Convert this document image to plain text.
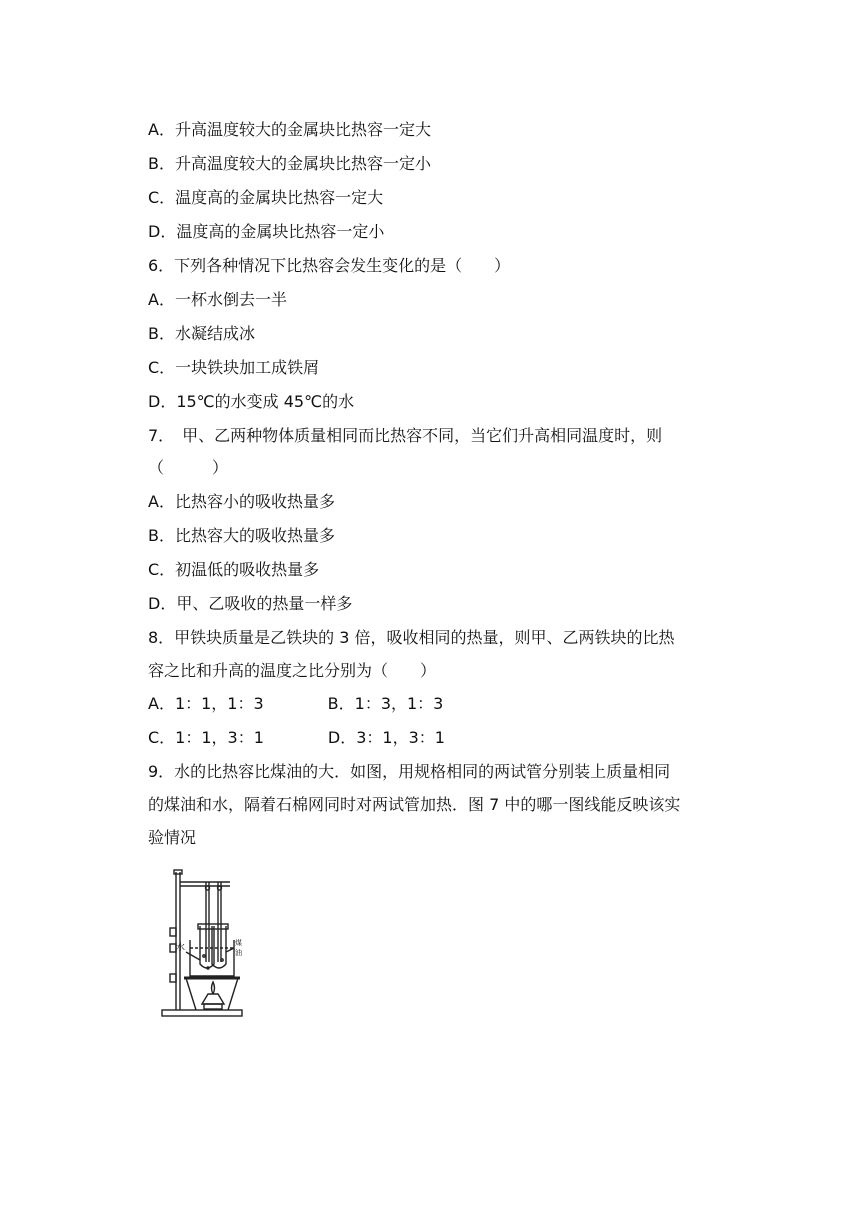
A．升高温度较大的金属块比热容一定大
B．升高温度较大的金属块比热容一定小
C．温度高的金属块比热容一定大
D．温度高的金属块比热容一定小
6．下列各种情况下比热容会发生变化的是（　　）
A．一杯水倒去一半
B．水凝结成冰
C．一块铁块加工成铁屑
D．15℃的水变成 45℃的水
7．　甲、乙两种物体质量相同而比热容不同，当它们升高相同温度时，则
（　　　）
A．比热容小的吸收热量多
B．比热容大的吸收热量多
C．初温低的吸收热量多
D．甲、乙吸收的热量一样多
8．甲铁块质量是乙铁块的 3 倍，吸收相同的热量，则甲、乙两铁块的比热
容之比和升高的温度之比分别为（　　）
A．1：1，1：3　　　　B．1：3，1：3
C．1：1，3：1　　　　D．3：1，3：1
9．水的比热容比煤油的大．如图，用规格相同的两试管分别装上质量相同
的煤油和水，隔着石棉网同时对两试管加热．图 7 中的哪一图线能反映该实
验情况
水	煤
油
